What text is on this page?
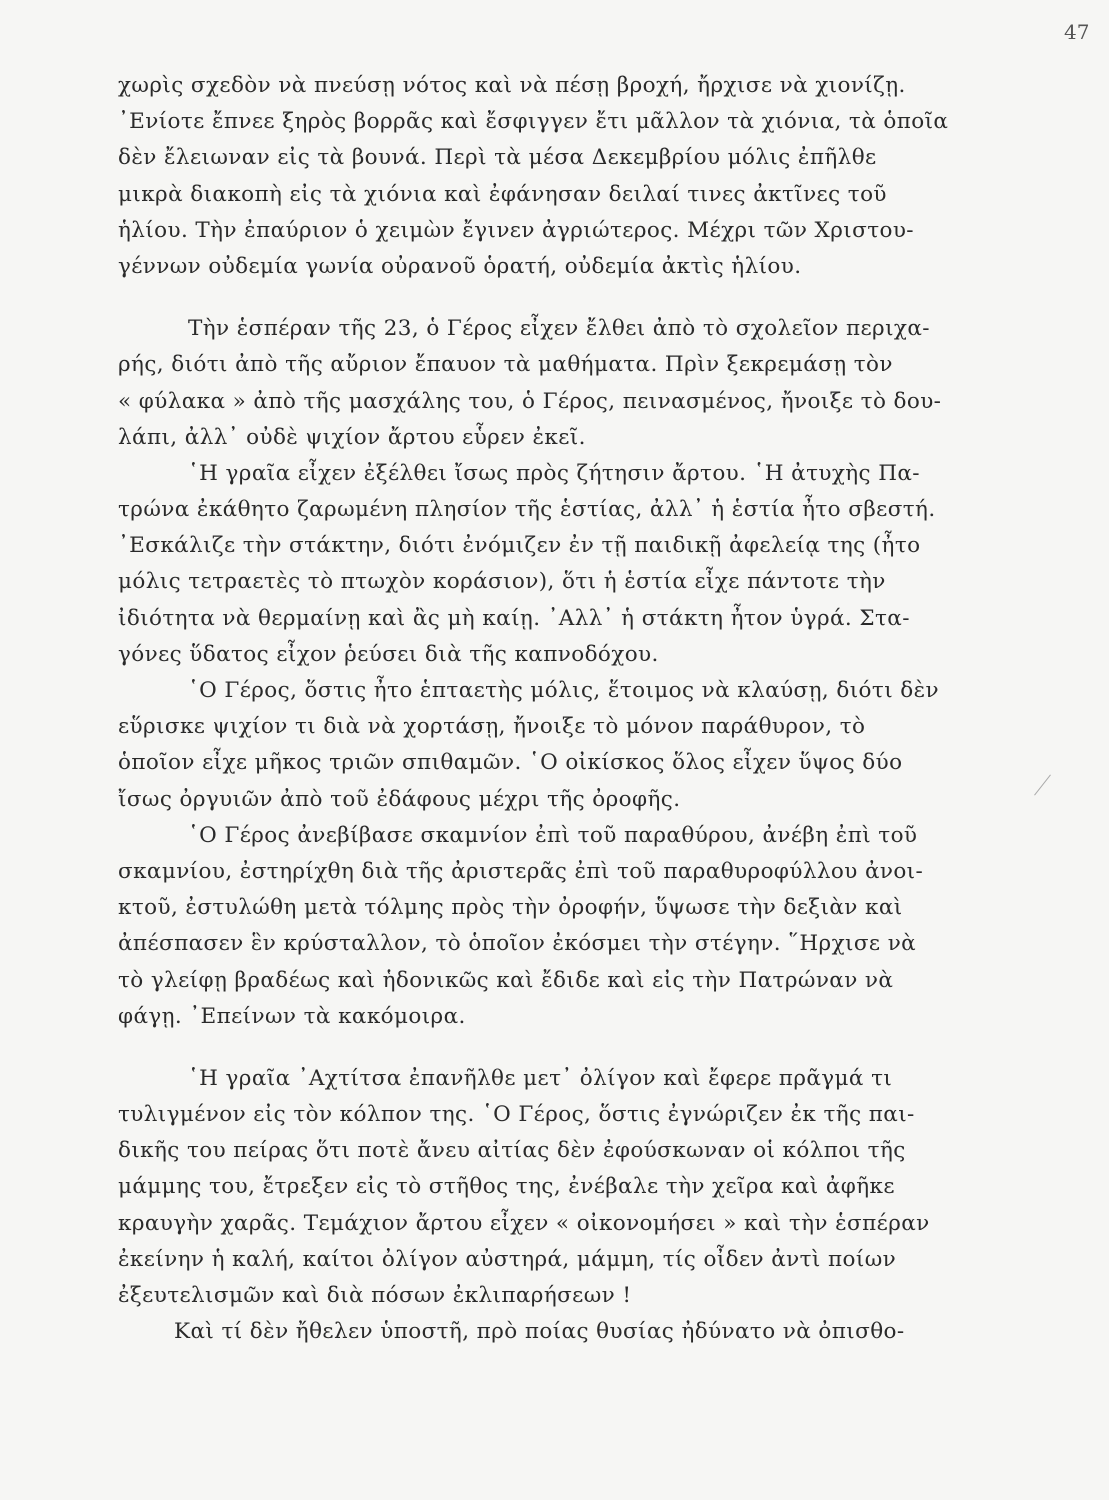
47
χωρὶς σχεδὸν νὰ πνεύσῃ νότος καὶ νὰ πέσῃ βροχή, ἤρχισε νὰ χιονίζῃ.
᾿Ενίοτε ἔπνεε ξηρὸς βορρᾶς καὶ ἔσφιγγεν ἔτι μᾶλλον τὰ χιόνια, τὰ ὁποῖα
δὲν ἔλειωναν εἰς τὰ βουνά. Περὶ τὰ μέσα Δεκεμβρίου μόλις ἐπῆλθε
μικρὰ διακοπὴ εἰς τὰ χιόνια καὶ ἐφάνησαν δειλαί τινες ἀκτῖνες τοῦ
ἡλίου. Τὴν ἐπαύριον ὁ χειμὼν ἔγινεν ἀγριώτερος. Μέχρι τῶν Χριστου-
γέννων οὐδεμία γωνία οὐρανοῦ ὁρατή, οὐδεμία ἀκτὶς ἡλίου.
Τὴν ἑσπέραν τῆς 23, ὁ Γέρος εἶχεν ἔλθει ἀπὸ τὸ σχολεῖον περιχα-
ρής, διότι ἀπὸ τῆς αὔριον ἔπαυον τὰ μαθήματα. Πρὶν ξεκρεμάσῃ τὸν
« φύλακα » ἀπὸ τῆς μασχάλης του, ὁ Γέρος, πεινασμένος, ἤνοιξε τὸ δου-
λάπι, ἀλλ᾿ οὐδὲ ψιχίον ἄρτου εὗρεν ἐκεῖ.
῾Η γραῖα εἶχεν ἐξέλθει ἴσως πρὸς ζήτησιν ἄρτου. ῾Η ἀτυχὴς Πα-
τρώνα ἐκάθητο ζαρωμένη πλησίον τῆς ἑστίας, ἀλλ᾿ ἡ ἑστία ἦτο σβεστή.
᾿Εσκάλιζε τὴν στάκτην, διότι ἐνόμιζεν ἐν τῇ παιδικῇ ἀφελείᾳ της (ἦτο
μόλις τετραετὲς τὸ πτωχὸν κοράσιον), ὅτι ἡ ἑστία εἶχε πάντοτε τὴν
ἰδιότητα νὰ θερμαίνῃ καὶ ἂς μὴ καίῃ. ᾿Αλλ᾿ ἡ στάκτη ἦτον ὑγρά. Στα-
γόνες ὕδατος εἶχον ῥεύσει διὰ τῆς καπνοδόχου.
῾Ο Γέρος, ὅστις ἦτο ἑπταετὴς μόλις, ἕτοιμος νὰ κλαύσῃ, διότι δὲν
εὕρισκε ψιχίον τι διὰ νὰ χορτάσῃ, ἤνοιξε τὸ μόνον παράθυρον, τὸ
ὁποῖον εἶχε μῆκος τριῶν σπιθαμῶν. ῾Ο οἰκίσκος ὅλος εἶχεν ὕψος δύο
ἴσως ὀργυιῶν ἀπὸ τοῦ ἐδάφους μέχρι τῆς ὀροφῆς.
῾Ο Γέρος ἀνεβίβασε σκαμνίον ἐπὶ τοῦ παραθύρου, ἀνέβη ἐπὶ τοῦ
σκαμνίου, ἐστηρίχθη διὰ τῆς ἀριστερᾶς ἐπὶ τοῦ παραθυροφύλλου ἀνοι-
κτοῦ, ἐστυλώθη μετὰ τόλμης πρὸς τὴν ὀροφήν, ὕψωσε τὴν δεξιὰν καὶ
ἀπέσπασεν ἓν κρύσταλλον, τὸ ὁποῖον ἐκόσμει τὴν στέγην. ῞Ηρχισε νὰ
τὸ γλείφῃ βραδέως καὶ ἡδονικῶς καὶ ἔδιδε καὶ εἰς τὴν Πατρώναν νὰ
φάγῃ. ᾿Επείνων τὰ κακόμοιρα.
῾Η γραῖα ᾿Αχτίτσα ἐπανῆλθε μετ᾿ ὀλίγον καὶ ἔφερε πρᾶγμά τι
τυλιγμένον εἰς τὸν κόλπον της. ῾Ο Γέρος, ὅστις ἐγνώριζεν ἐκ τῆς παι-
δικῆς του πείρας ὅτι ποτὲ ἄνευ αἰτίας δὲν ἐφούσκωναν οἱ κόλποι τῆς
μάμμης του, ἔτρεξεν εἰς τὸ στῆθος της, ἐνέβαλε τὴν χεῖρα καὶ ἀφῆκε
κραυγὴν χαρᾶς. Τεμάχιον ἄρτου εἶχεν « οἰκονομήσει » καὶ τὴν ἑσπέραν
ἐκείνην ἡ καλή, καίτοι ὀλίγον αὐστηρά, μάμμη, τίς οἶδεν ἀντὶ ποίων
ἐξευτελισμῶν καὶ διὰ πόσων ἐκλιπαρήσεων !
Καὶ τί δὲν ἤθελεν ὑποστῆ, πρὸ ποίας θυσίας ἠδύνατο νὰ ὀπισθο-
